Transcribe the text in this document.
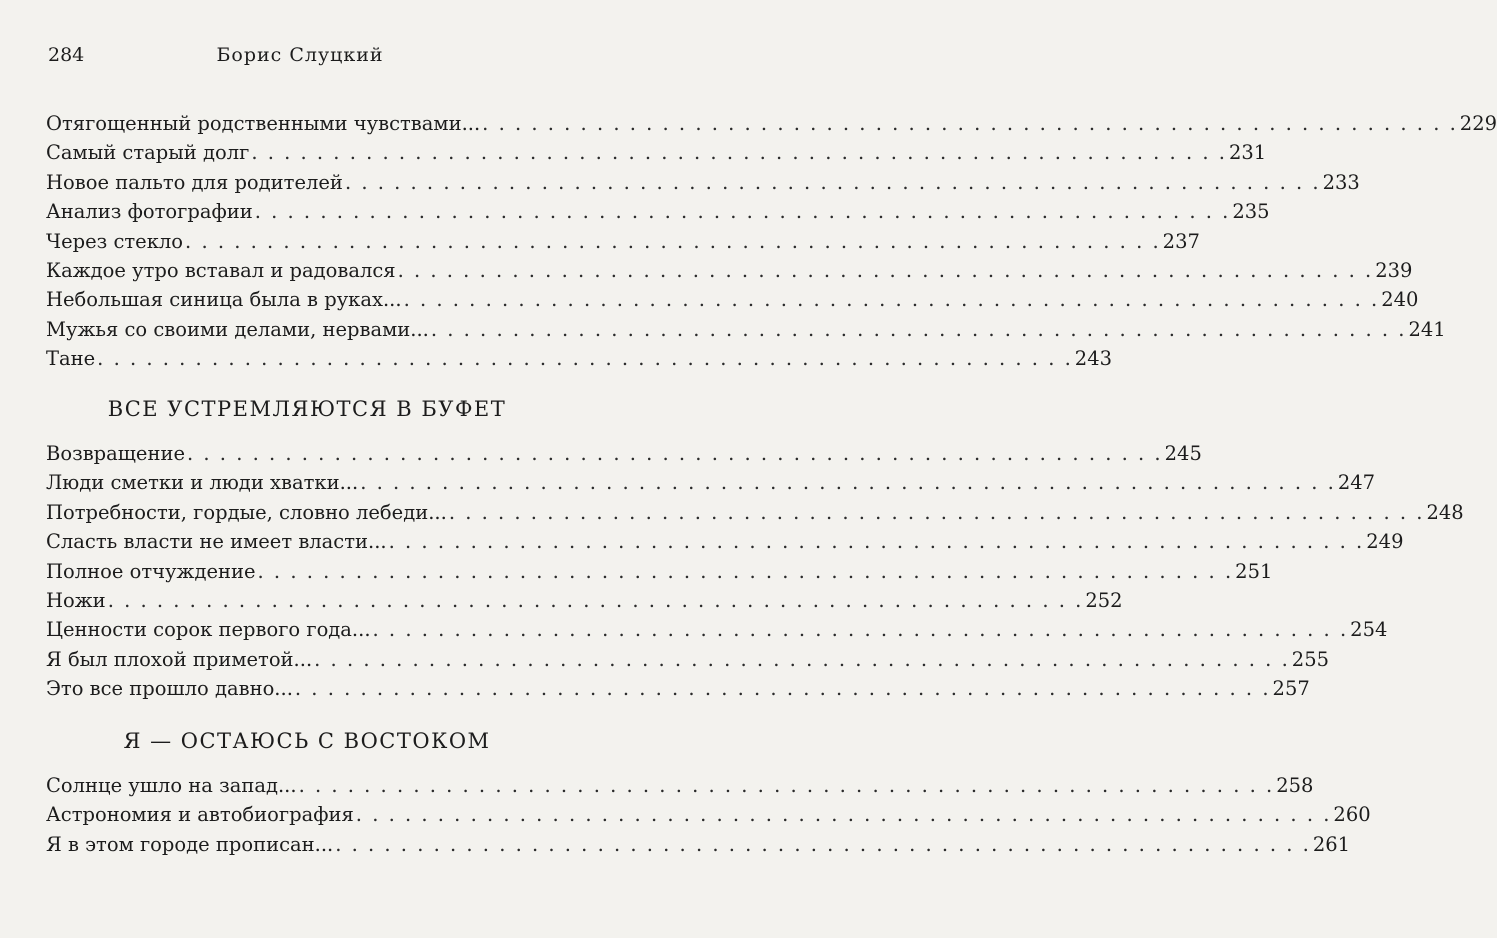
284	Борис Слуцкий
Отягощенный родственными чувствами... . . . . . . . . . . . . . . . . . . . . . . . . . . . . . . . . . . . . . . . . . . . . . . . . . . . . . . . . . . . . 229
Самый старый долг . . . . . . . . . . . . . . . . . . . . . . . . . . . . . . . . . . . . . . . . . . . . . . . . . . . . . . . . . . . . 231
Новое пальто для родителей . . . . . . . . . . . . . . . . . . . . . . . . . . . . . . . . . . . . . . . . . . . . . . . . . . . . . . . . . . . . 233
Анализ фотографии . . . . . . . . . . . . . . . . . . . . . . . . . . . . . . . . . . . . . . . . . . . . . . . . . . . . . . . . . . . . 235
Через стекло . . . . . . . . . . . . . . . . . . . . . . . . . . . . . . . . . . . . . . . . . . . . . . . . . . . . . . . . . . . . 237
Каждое утро вставал и радовался . . . . . . . . . . . . . . . . . . . . . . . . . . . . . . . . . . . . . . . . . . . . . . . . . . . . . . . . . . . . 239
Небольшая синица была в руках... . . . . . . . . . . . . . . . . . . . . . . . . . . . . . . . . . . . . . . . . . . . . . . . . . . . . . . . . . . . . 240
Мужья со своими делами, нервами... . . . . . . . . . . . . . . . . . . . . . . . . . . . . . . . . . . . . . . . . . . . . . . . . . . . . . . . . . . . . 241
Тане . . . . . . . . . . . . . . . . . . . . . . . . . . . . . . . . . . . . . . . . . . . . . . . . . . . . . . . . . . . . 243
ВСЕ УСТРЕМЛЯЮТСЯ В БУФЕТ
Возвращение . . . . . . . . . . . . . . . . . . . . . . . . . . . . . . . . . . . . . . . . . . . . . . . . . . . . . . . . . . . . 245
Люди сметки и люди хватки... . . . . . . . . . . . . . . . . . . . . . . . . . . . . . . . . . . . . . . . . . . . . . . . . . . . . . . . . . . . . 247
Потребности, гордые, словно лебеди... . . . . . . . . . . . . . . . . . . . . . . . . . . . . . . . . . . . . . . . . . . . . . . . . . . . . . . . . . . . . 248
Сласть власти не имеет власти... . . . . . . . . . . . . . . . . . . . . . . . . . . . . . . . . . . . . . . . . . . . . . . . . . . . . . . . . . . . . 249
Полное отчуждение . . . . . . . . . . . . . . . . . . . . . . . . . . . . . . . . . . . . . . . . . . . . . . . . . . . . . . . . . . . . 251
Ножи . . . . . . . . . . . . . . . . . . . . . . . . . . . . . . . . . . . . . . . . . . . . . . . . . . . . . . . . . . . . 252
Ценности сорок первого года... . . . . . . . . . . . . . . . . . . . . . . . . . . . . . . . . . . . . . . . . . . . . . . . . . . . . . . . . . . . . 254
Я был плохой приметой... . . . . . . . . . . . . . . . . . . . . . . . . . . . . . . . . . . . . . . . . . . . . . . . . . . . . . . . . . . . . 255
Это все прошло давно... . . . . . . . . . . . . . . . . . . . . . . . . . . . . . . . . . . . . . . . . . . . . . . . . . . . . . . . . . . . . 257
Я — ОСТАЮСЬ С ВОСТОКОМ
Солнце ушло на запад... . . . . . . . . . . . . . . . . . . . . . . . . . . . . . . . . . . . . . . . . . . . . . . . . . . . . . . . . . . . . 258
Астрономия и автобиография . . . . . . . . . . . . . . . . . . . . . . . . . . . . . . . . . . . . . . . . . . . . . . . . . . . . . . . . . . . . 260
Я в этом городе прописан... . . . . . . . . . . . . . . . . . . . . . . . . . . . . . . . . . . . . . . . . . . . . . . . . . . . . . . . . . . . . 261
